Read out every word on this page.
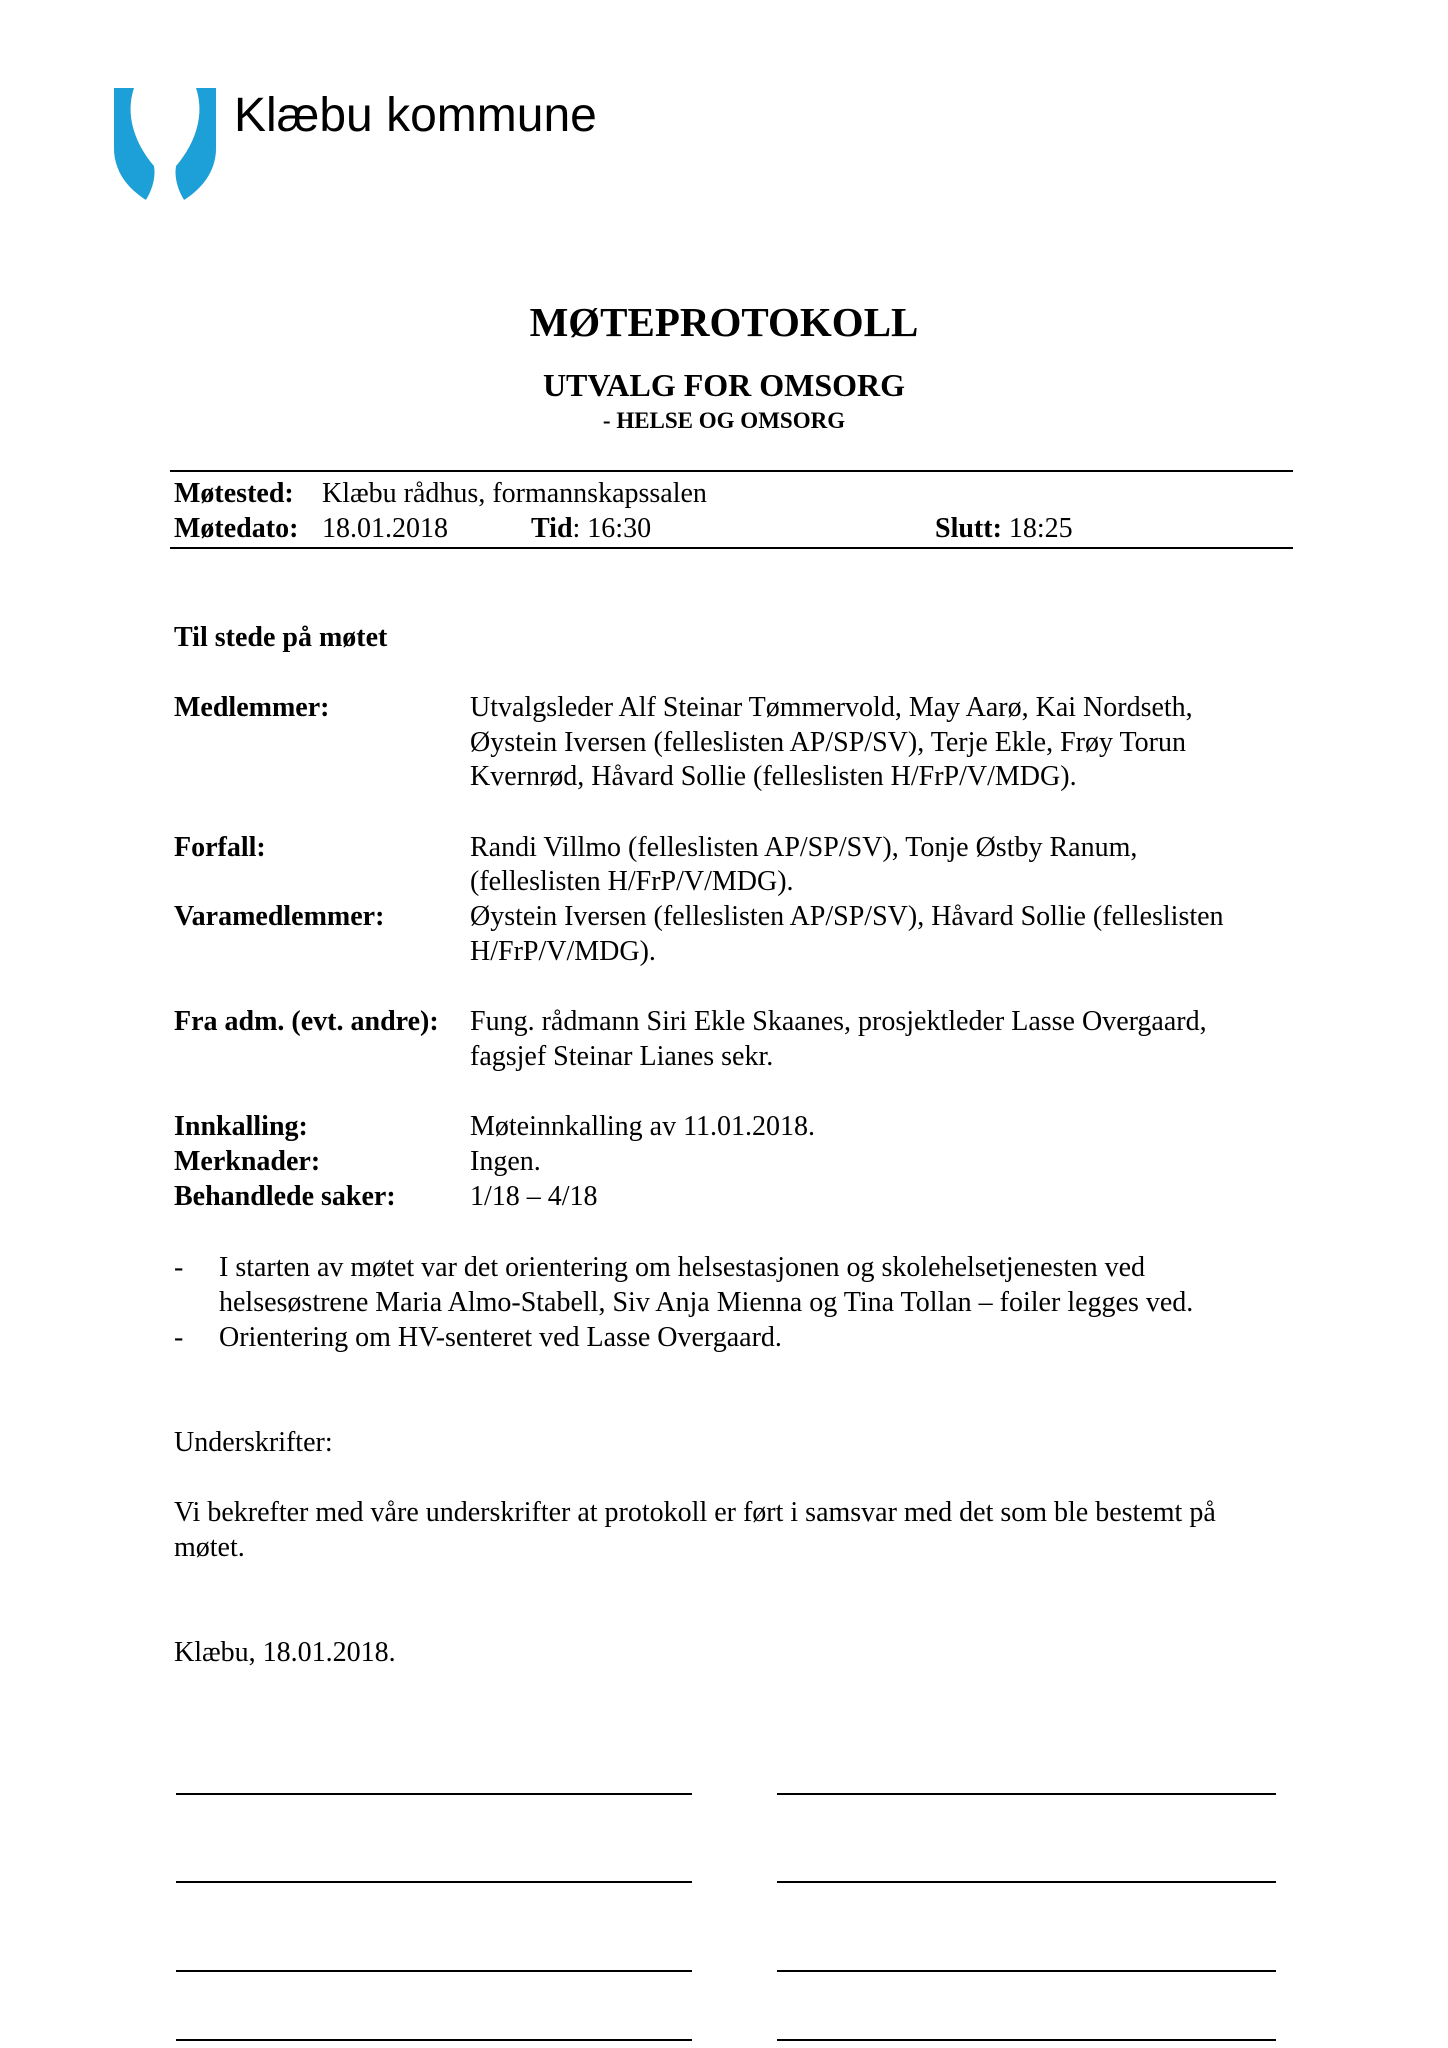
Klæbu kommune
MØTEPROTOKOLL
UTVALG FOR OMSORG
- HELSE OG OMSORG
Møtested: Klæbu rådhus, formannskapssalen
Møtedato: 18.01.2018	Tid: 16:30	Slutt: 18:25
Til stede på møtet
Medlemmer:	Utvalgsleder Alf Steinar Tømmervold, May Aarø, Kai Nordseth,
Øystein Iversen (felleslisten AP/SP/SV), Terje Ekle, Frøy Torun
Kvernrød, Håvard Sollie (felleslisten H/FrP/V/MDG).
Forfall:	Randi Villmo (felleslisten AP/SP/SV), Tonje Østby Ranum,
(felleslisten H/FrP/V/MDG).
Varamedlemmer:	Øystein Iversen (felleslisten AP/SP/SV), Håvard Sollie (felleslisten
H/FrP/V/MDG).
Fra adm. (evt. andre): Fung. rådmann Siri Ekle Skaanes, prosjektleder Lasse Overgaard,
fagsjef Steinar Lianes sekr.
Innkalling:	Møteinnkalling av 11.01.2018.
Merknader:	Ingen.
Behandlede saker:	1/18 – 4/18
- I starten av møtet var det orientering om helsestasjonen og skolehelsetjenesten ved
helsesøstrene Maria Almo-Stabell, Siv Anja Mienna og Tina Tollan – foiler legges ved.
- Orientering om HV-senteret ved Lasse Overgaard.
Underskrifter:
Vi bekrefter med våre underskrifter at protokoll er ført i samsvar med det som ble bestemt på
møtet.
Klæbu, 18.01.2018.
